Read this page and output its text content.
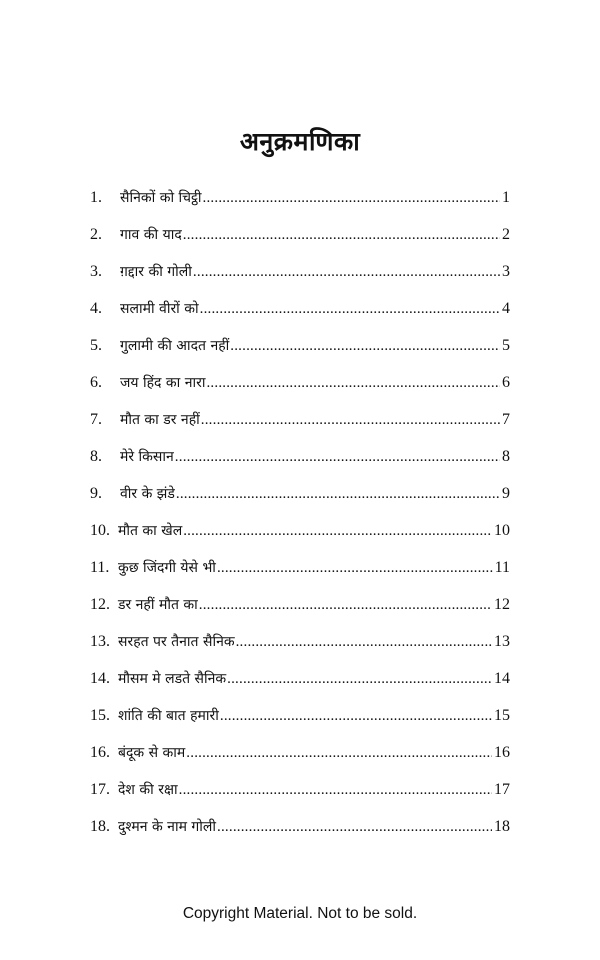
अनुक्रमणिका
1.	सैनिकों को चिट्ठी .....	1
2.	गाव की याद .....	2
3.	ग़द्दार की गोली .....	3
4.	सलामी वीरों को .....	4
5.	गुलामी की आदत नहीं .....	5
6.	जय हिंद का नारा .....	6
7.	मौत का डर नहीं .....	7
8.	मेरे किसान .....	8
9.	वीर के झंडे .....	9
10. मौत का खेल .....	10
11. कुछ जिंदगी येसे भी .....	11
12. डर नहीं मौत का .....	12
13. सरहत पर तैनात सैनिक .....	13
14. मौसम मे लडते सैनिक .....	14
15. शांति की बात हमारी .....	15
16. बंदूक से काम .....	16
17. देश की रक्षा .....	17
18. दुश्मन के नाम गोली .....	18
Copyright Material. Not to be sold.
